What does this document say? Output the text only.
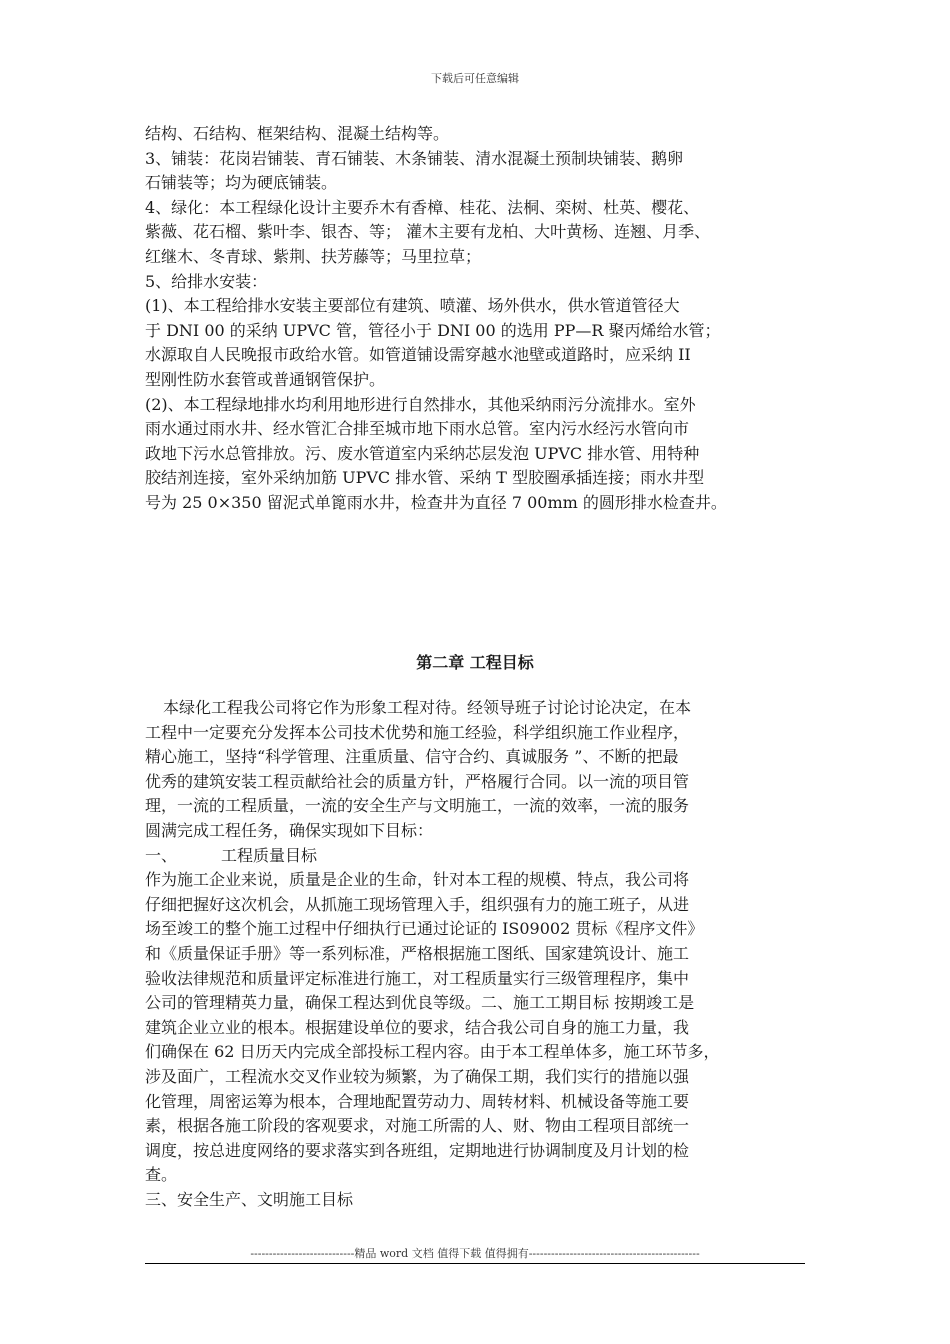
下载后可任意编辑
结构、石结构、框架结构、混凝土结构等。
3、铺装：花岗岩铺装、青石铺装、木条铺装、清水混凝土预制块铺装、鹅卵
石铺装等；均为硬底铺装。
4、绿化：本工程绿化设计主要乔木有香樟、桂花、法桐、栾树、杜英、樱花、
紫薇、花石榴、紫叶李、银杏、等； 灌木主要有龙柏、大叶黄杨、连翘、月季、
红继木、冬青球、紫荆、扶芳藤等；马里拉草；
5、给排水安装：
(1)、本工程给排水安装主要部位有建筑、喷灌、场外供水，供水管道管径大
于 DNI 00 的采纳 UPVC 管，管径小于 DNI 00 的选用 PP—R 聚丙烯给水管；
水源取自人民晚报市政给水管。如管道铺设需穿越水池壁或道路时，应采纳 II
型刚性防水套管或普通钢管保护。
(2)、本工程绿地排水均利用地形进行自然排水，其他采纳雨污分流排水。室外
雨水通过雨水井、经水管汇合排至城市地下雨水总管。室内污水经污水管向市
政地下污水总管排放。污、废水管道室内采纳芯层发泡 UPVC 排水管、用特种
胶结剂连接，室外采纳加筋 UPVC 排水管、采纳 T 型胶圈承插连接；雨水井型
号为 25 0×350 留泥式单篦雨水井，检查井为直径 7 00mm 的圆形排水检查井。
第二章 工程目标
本绿化工程我公司将它作为形象工程对待。经领导班子讨论讨论决定，在本
工程中一定要充分发挥本公司技术优势和施工经验，科学组织施工作业程序，
精心施工，坚持“科学管理、注重质量、信守合约、真诚服务 ”、不断的把最
优秀的建筑安装工程贡献给社会的质量方针，严格履行合同。以一流的项目管
理，一流的工程质量，一流的安全生产与文明施工，一流的效率，一流的服务
圆满完成工程任务，确保实现如下目标：
一、	工程质量目标
作为施工企业来说，质量是企业的生命，针对本工程的规模、特点，我公司将
仔细把握好这次机会，从抓施工现场管理入手，组织强有力的施工班子，从进
场至竣工的整个施工过程中仔细执行已通过论证的 IS09002 贯标《程序文件》
和《质量保证手册》等一系列标准，严格根据施工图纸、国家建筑设计、施工
验收法律规范和质量评定标准进行施工，对工程质量实行三级管理程序，集中
公司的管理精英力量，确保工程达到优良等级。二、施工工期目标 按期竣工是
建筑企业立业的根本。根据建设单位的要求，结合我公司自身的施工力量，我
们确保在 62 日历天内完成全部投标工程内容。由于本工程单体多，施工环节多，
涉及面广，工程流水交叉作业较为频繁，为了确保工期，我们实行的措施以强
化管理，周密运筹为根本，合理地配置劳动力、周转材料、机械设备等施工要
素，根据各施工阶段的客观要求，对施工所需的人、财、物由工程项目部统一
调度，按总进度网络的要求落实到各班组，定期地进行协调制度及月计划的检
查。
三、安全生产、文明施工目标
----------------------------精品 word 文档 值得下载 值得拥有----------------------------------------------
